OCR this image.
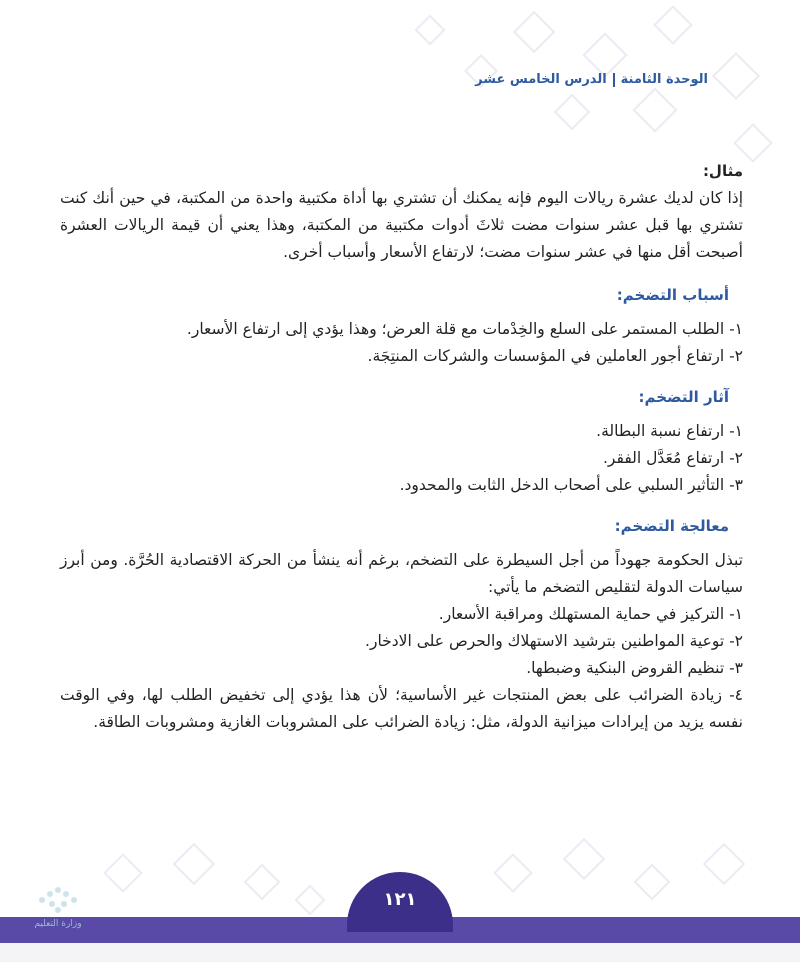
الوحدة الثامنة
الدرس الخامس عشر

مثال:

إذا كان لديك عشرة ريالات اليوم فإنه يمكنك أن تشتري بها أداة مكتبية واحدة من المكتبة، في حين أنك كنت تشتري بها قبل عشر سنوات مضت ثلاثَ أدوات مكتبية من المكتبة، وهذا يعني أن قيمة الريالات العشرة أصبحت أقل منها في عشر سنوات مضت؛ لارتفاع الأسعار وأسباب أخرى.

أسباب التضخم:

١- الطلب المستمر على السلع والخِدْمات مع قلة العرض؛ وهذا يؤدي إلى ارتفاع الأسعار.

٢- ارتفاع أجور العاملين في المؤسسات والشركات المنتِجَة.

آثار التضخم:

١- ارتفاع نسبة البطالة.

٢- ارتفاع مُعَدَّل الفقر.

٣- التأثير السلبي على أصحاب الدخل الثابت والمحدود.

معالجة التضخم:

تبذل الحكومة جهوداً من أجل السيطرة على التضخم، برغم أنه ينشأ من الحركة الاقتصادية الحُرَّة. ومن أبرز سياسات الدولة لتقليص التضخم ما يأتي:

١- التركيز في حماية المستهلك ومراقبة الأسعار.

٢- توعية المواطنين بترشيد الاستهلاك والحرص على الادخار.

٣- تنظيم القروض البنكية وضبطها.

٤- زيادة الضرائب على بعض المنتجات غير الأساسية؛ لأن هذا يؤدي إلى تخفيض الطلب لها، وفي الوقت نفسه يزيد من إيرادات ميزانية الدولة، مثل: زيادة الضرائب على المشروبات الغازية ومشروبات الطاقة.

١٢١
وزارة التعليم
